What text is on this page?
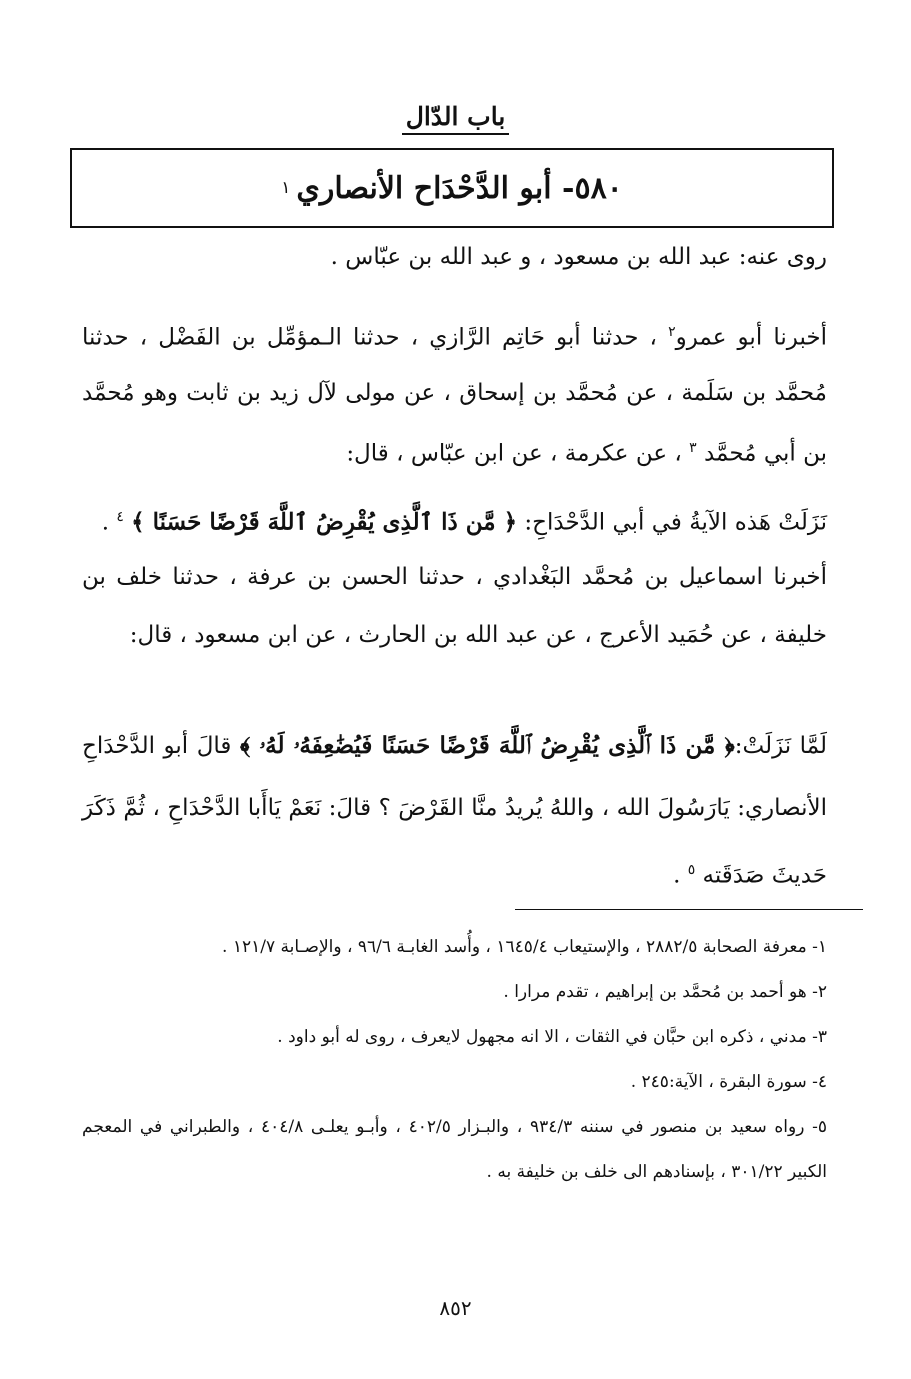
باب الدّال
٥٨٠- أبو الدَّحْدَاح الأنصاري
١
روى عنه: عبد الله بن مسعود ، و عبد الله بن عبّاس .
أخبرنا أبو عمرو$^٢$ ، حدثنا أبو حَاتِم الرَّازي ، حدثنا الـمؤمِّل بن الفَضْل ، حدثنا مُحمَّد بن سَلَمة ، عن مُحمَّد بن إسحاق ، عن مولى لآل زيد بن ثابت وهو مُحمَّد بن أبي مُحمَّد $^٣$ ، عن عكرمة ، عن ابن عبّاس ، قال:
نَزَلَتْ هَذه الآيةُ في أبي الدَّحْدَاحِ: ﴿ مَّن ذَا ٱلَّذِى يُقْرِضُ ٱللَّهَ قَرْضًا حَسَنًا ﴾ $^٤$ .
أخبرنا اسماعيل بن مُحمَّد البَغْدادي ، حدثنا الحسن بن عرفة ، حدثنا خلف بن خليفة ، عن حُمَيد الأعرج ، عن عبد الله بن الحارث ، عن ابن مسعود ، قال:
لَمَّا نَزَلَتْ:﴿ مَّن ذَا ٱلَّذِى يُقْرِضُ ٱللَّهَ قَرْضًا حَسَنًا فَيُضَٰعِفَهُۥ لَهُۥ ﴾ قالَ أبو الدَّحْدَاحِ الأنصاري: يَارَسُولَ الله ، واللهُ يُريدُ منَّا القَرْضَ ؟ قالَ: نَعَمْ يَاأَبا الدَّحْدَاحِ ، ثُمَّ ذَكَرَ حَديثَ صَدَقَته $^٥$ .

١- معرفة الصحابة ٢٨٨٢/٥ ، والإستيعاب ١٦٤٥/٤ ، وأُسد الغابـة ٩٦/٦ ، والإصـابة ١٢١/٧ .

٢- هو أحمد بن مُحمَّد بن إبراهيم ، تقدم مرارا .

٣- مدني ، ذكره ابن حبَّان في الثقات ، الا انه مجهول لايعرف ، روى له أبو داود .

٤- سورة البقرة ، الآية:٢٤٥ .

٥- رواه سعيد بن منصور في سننه ٩٣٤/٣ ، والبـزار ٤٠٢/٥ ، وأبـو يعلـى ٤٠٤/٨ ، والطبراني في المعجم الكبير ٣٠١/٢٢ ، بإسنادهم الى خلف بن خليفة به .

٨٥٢
